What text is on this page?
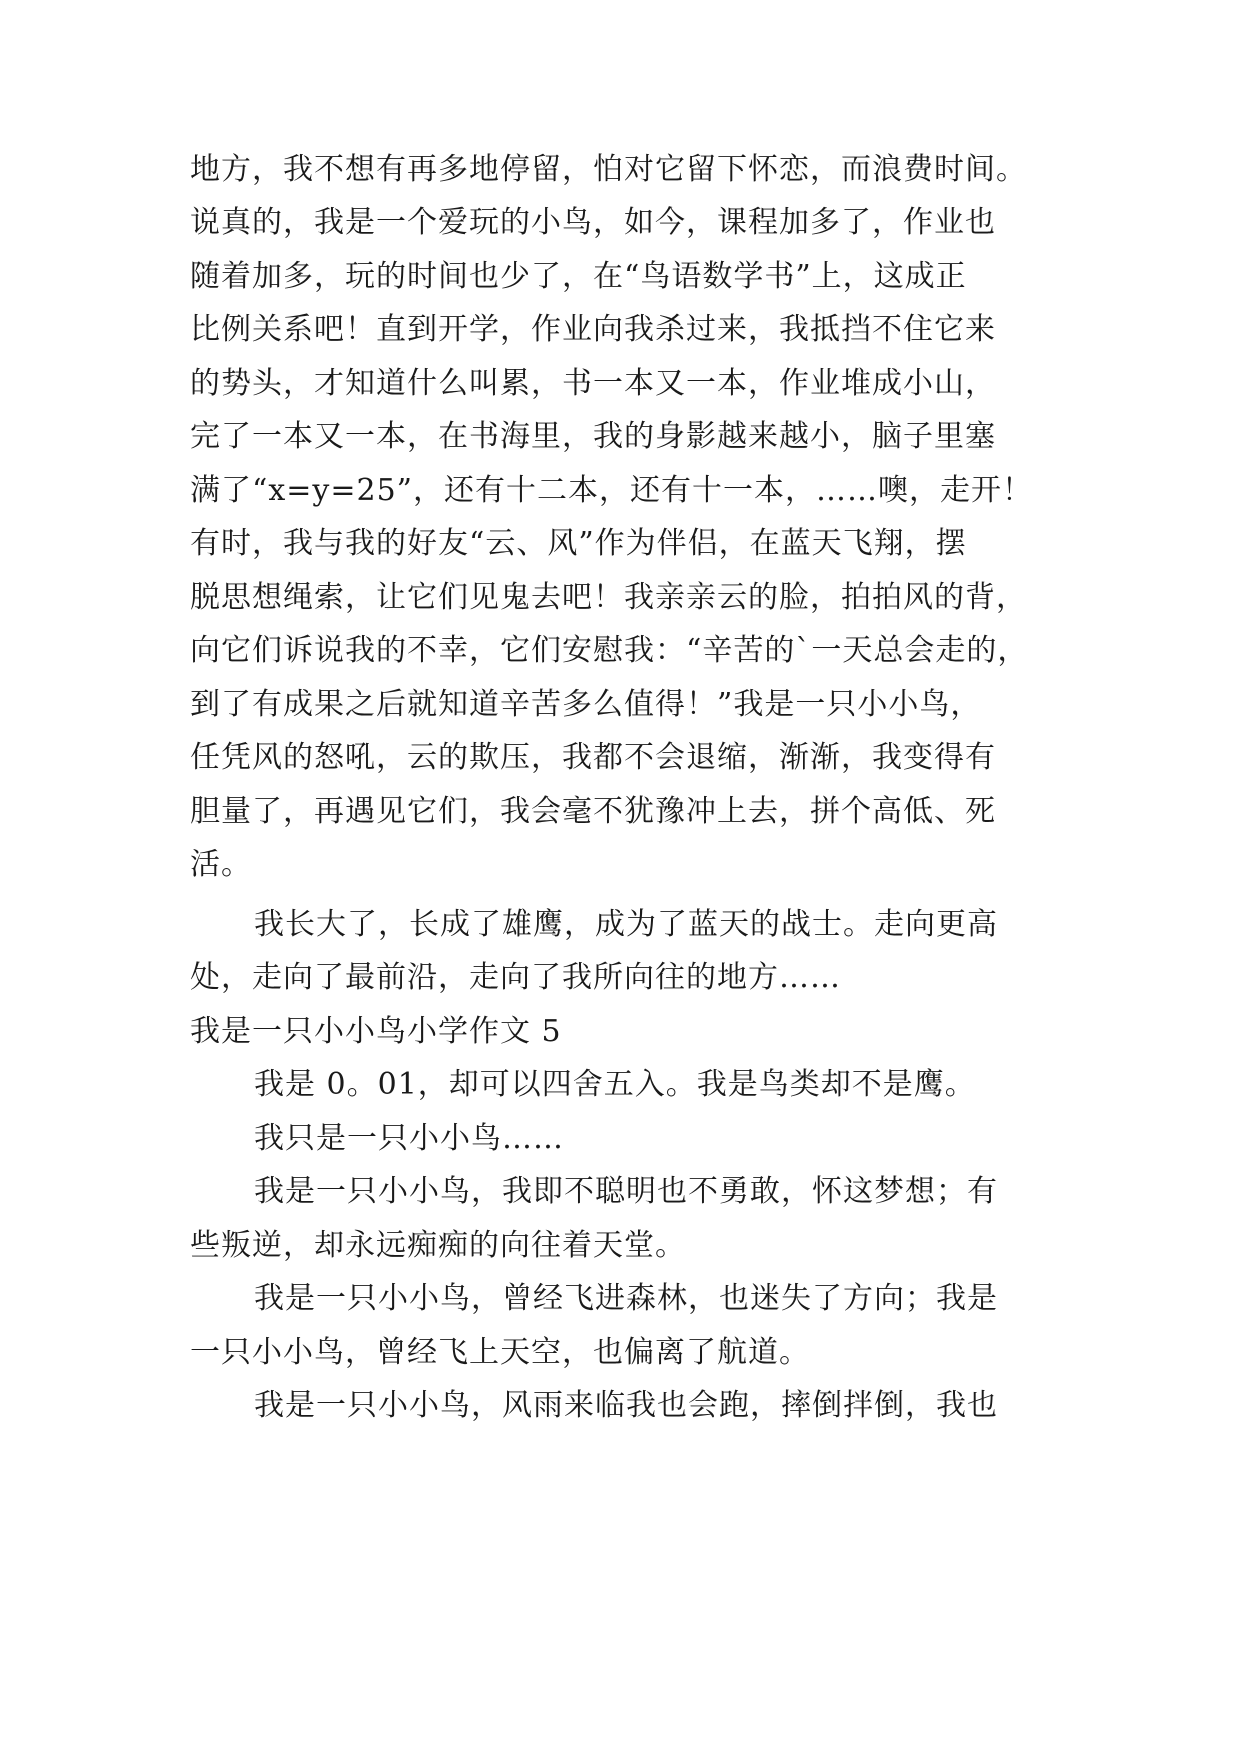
地方，我不想有再多地停留，怕对它留下怀恋，而浪费时间。
说真的，我是一个爱玩的小鸟，如今，课程加多了，作业也
随着加多，玩的时间也少了，在“鸟语数学书”上，这成正
比例关系吧！直到开学，作业向我杀过来，我抵挡不住它来
的势头，才知道什么叫累，书一本又一本，作业堆成小山，
完了一本又一本，在书海里，我的身影越来越小，脑子里塞
满了“x=y=25”，还有十二本，还有十一本，……噢，走开！
有时，我与我的好友“云、风”作为伴侣，在蓝天飞翔，摆
脱思想绳索，让它们见鬼去吧！我亲亲云的脸，拍拍风的背，
向它们诉说我的不幸，它们安慰我：“辛苦的`一天总会走的，
到了有成果之后就知道辛苦多么值得！”我是一只小小鸟，
任凭风的怒吼，云的欺压，我都不会退缩，渐渐，我变得有
胆量了，再遇见它们，我会毫不犹豫冲上去，拼个高低、死
活。
我长大了，长成了雄鹰，成为了蓝天的战士。走向更高
处，走向了最前沿，走向了我所向往的地方……
我是一只小小鸟小学作文 5
我是 0。01，却可以四舍五入。我是鸟类却不是鹰。
我只是一只小小鸟……
我是一只小小鸟，我即不聪明也不勇敢，怀这梦想；有
些叛逆，却永远痴痴的向往着天堂。
我是一只小小鸟，曾经飞进森林，也迷失了方向；我是
一只小小鸟，曾经飞上天空，也偏离了航道。
我是一只小小鸟，风雨来临我也会跑，摔倒拌倒，我也
